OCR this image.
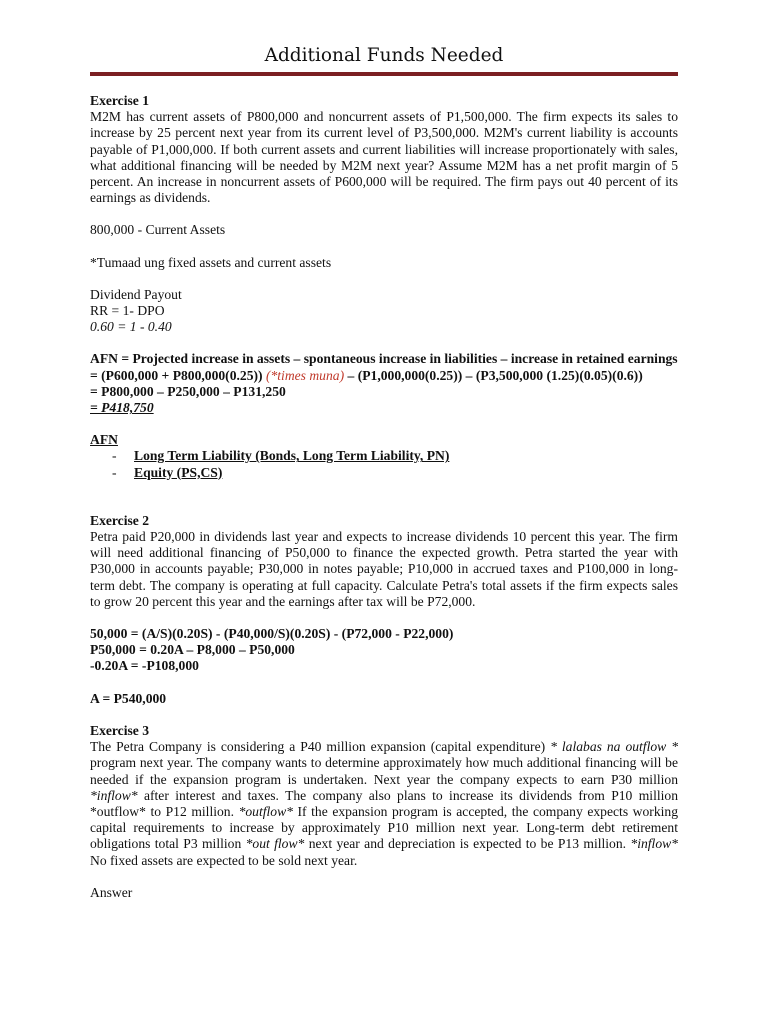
Additional Funds Needed

Exercise 1

M2M has current assets of P800,000 and noncurrent assets of P1,500,000. The firm expects its sales to increase by 25 percent next year from its current level of P3,500,000. M2M's current liability is accounts payable of P1,000,000. If both current assets and current liabilities will increase proportionately with sales, what additional financing will be needed by M2M next year? Assume M2M has a net profit margin of 5 percent. An increase in noncurrent assets of P600,000 will be required. The firm pays out 40 percent of its earnings as dividends.

800,000 - Current Assets

*Tumaad ung fixed assets and current assets

Dividend Payout

RR = 1- DPO

0.60 = 1 - 0.40

AFN = Projected increase in assets – spontaneous increase in liabilities – increase in retained earnings

= (P600,000 + P800,000(0.25)) (*times muna) – (P1,000,000(0.25)) – (P3,500,000 (1.25)(0.05)(0.6))

= P800,000 – P250,000 – P131,250

= P418,750

AFN

-	Long Term Liability (Bonds, Long Term Liability, PN)
-	Equity (PS,CS)

Exercise 2

Petra paid P20,000 in dividends last year and expects to increase dividends 10 percent this year. The firm will need additional financing of P50,000 to finance the expected growth. Petra started the year with P30,000 in accounts payable; P30,000 in notes payable; P10,000 in accrued taxes and P100,000 in long-term debt. The company is operating at full capacity. Calculate Petra's total assets if the firm expects sales to grow 20 percent this year and the earnings after tax will be P72,000.

50,000 = (A/S)(0.20S) - (P40,000/S)(0.20S) - (P72,000 - P22,000)

P50,000 = 0.20A – P8,000 – P50,000

-0.20A = -P108,000

A = P540,000

Exercise 3

The Petra Company is considering a P40 million expansion (capital expenditure) * lalabas na outflow * program next year. The company wants to determine approximately how much additional financing will be needed if the expansion program is undertaken. Next year the company expects to earn P30 million *inflow* after interest and taxes. The company also plans to increase its dividends from P10 million *outflow* to P12 million. *outflow* If the expansion program is accepted, the company expects working capital requirements to increase by approximately P10 million next year. Long-term debt retirement obligations total P3 million *out flow* next year and depreciation is expected to be P13 million. *inflow* No fixed assets are expected to be sold next year.

Answer
